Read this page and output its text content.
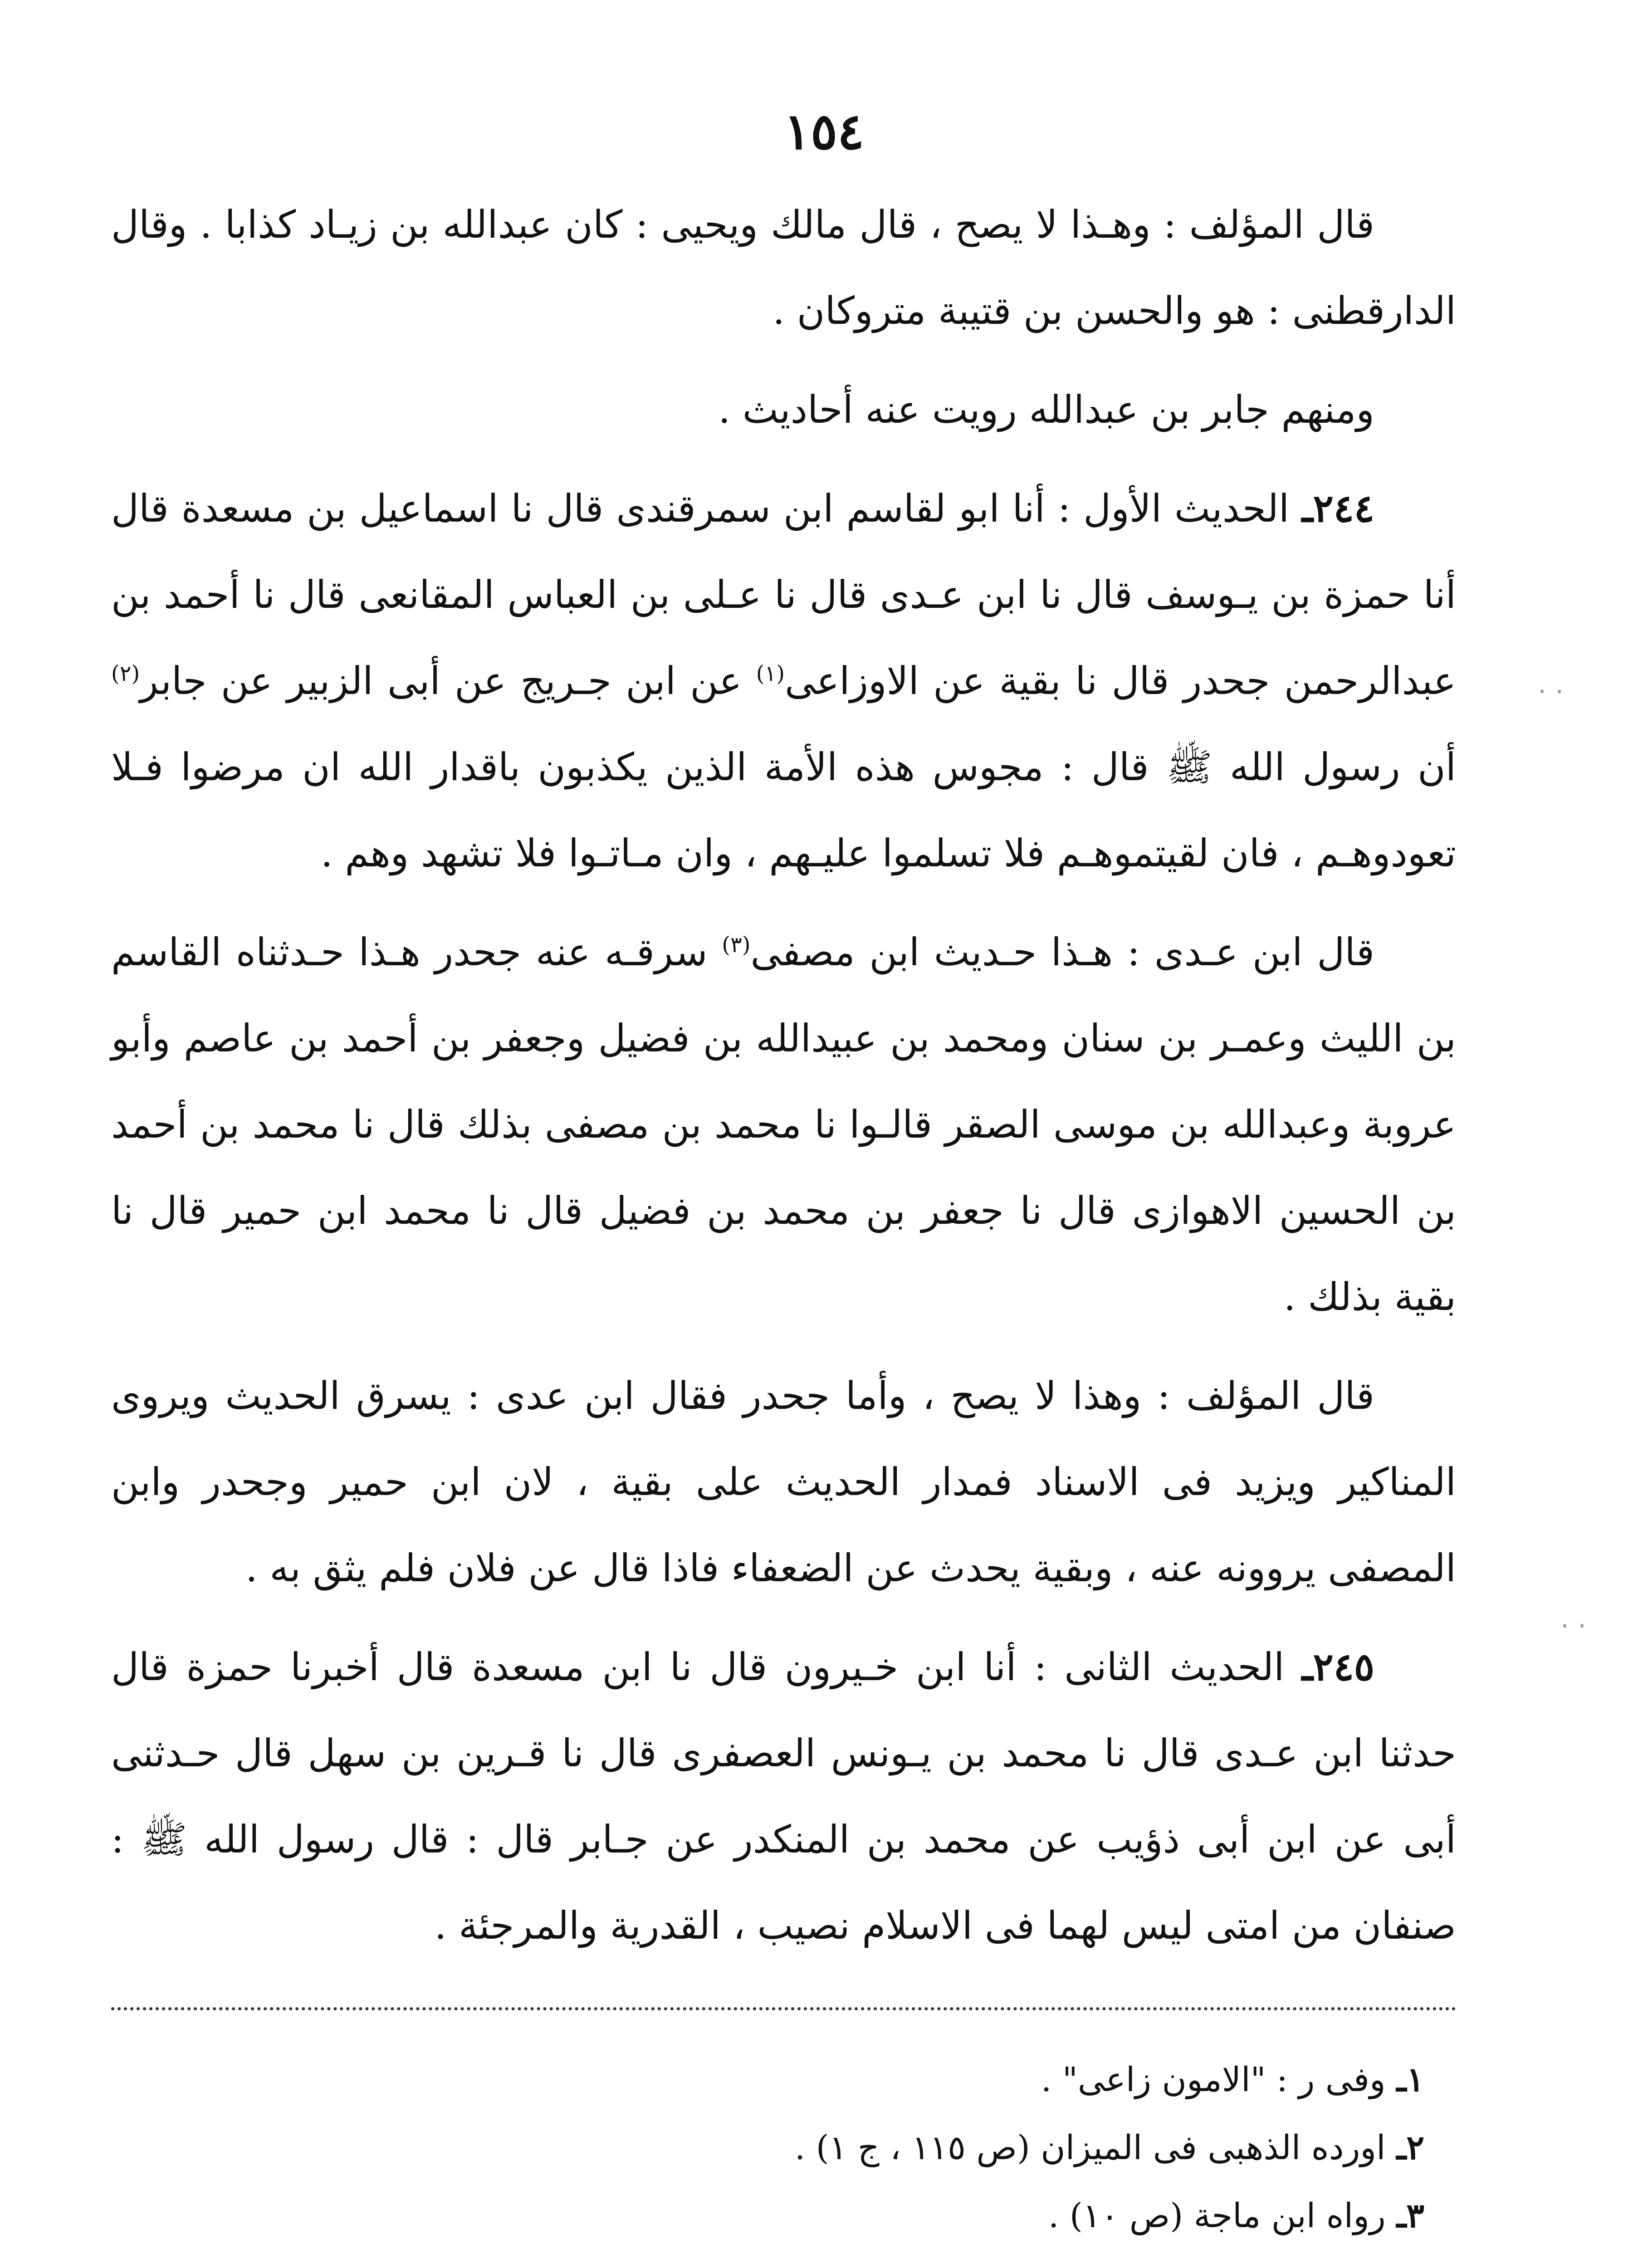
١٥٤

قال المؤلف : وهـذا لا يصح ، قال مالك ويحيى : كان عبدالله بن زيـاد كذابا . وقال الدارقطنى : هو والحسن بن قتيبة متروكان .

ومنهم جابر بن عبدالله رويت عنه أحاديث .

٢٤٤ـ الحديث الأول : أنا ابو لقاسم ابن سمرقندى قال نا اسماعيل بن مسعدة قال أنا حمزة بن يـوسف قال نا ابن عـدى قال نا عـلى بن العباس المقانعى قال نا أحمد بن عبدالرحمن جحدر قال نا بقية عن الاوزاعى$^{(١)}$ عن ابن جـريج عن أبى الزبير عن جابر$^{(٢)}$ أن رسول الله ﷺ قال : مجوس هذه الأمة الذين يكذبون باقدار الله ان مرضوا فـلا تعودوهـم ، فان لقيتموهـم فلا تسلموا عليـهم ، وان مـاتـوا فلا تشهد وهم .

قال ابن عـدى : هـذا حـديث ابن مصفى$^{(٣)}$ سرقـه عنه جحدر هـذا حـدثناه القاسم بن الليث وعمـر بن سنان ومحمد بن عبيدالله بن فضيل وجعفر بن أحمد بن عاصم وأبو عروبة وعبدالله بن موسى الصقر قالـوا نا محمد بن مصفى بذلك قال نا محمد بن أحمد بن الحسين الاهوازى قال نا جعفر بن محمد بن فضيل قال نا محمد ابن حمير قال نا بقية بذلك .

قال المؤلف : وهذا لا يصح ، وأما جحدر فقال ابن عدى : يسرق الحديث ويروى المناكير ويزيد فى الاسناد فمدار الحديث على بقية ، لان ابن حمير وجحدر وابن المصفى يروونه عنه ، وبقية يحدث عن الضعفاء فاذا قال عن فلان فلم يثق به .

٢٤٥ـ الحديث الثانى : أنا ابن خـيرون قال نا ابن مسعدة قال أخبرنا حمزة قال حدثنا ابن عـدى قال نا محمد بن يـونس العصفرى قال نا قـرين بن سهل قال حـدثنى أبى عن ابن أبى ذؤيب عن محمد بن المنكدر عن جـابر قال : قال رسول الله ﷺ : صنفان من امتى ليس لهما فى الاسلام نصيب ، القدرية والمرجئة .

١ـوفى ر : "الامون زاعى" .

٢ـاورده الذهبى فى الميزان (ص ١١٥ ، ج ١) .

٣ـرواه ابن ماجة (ص ١٠) .

· ·
· ·
